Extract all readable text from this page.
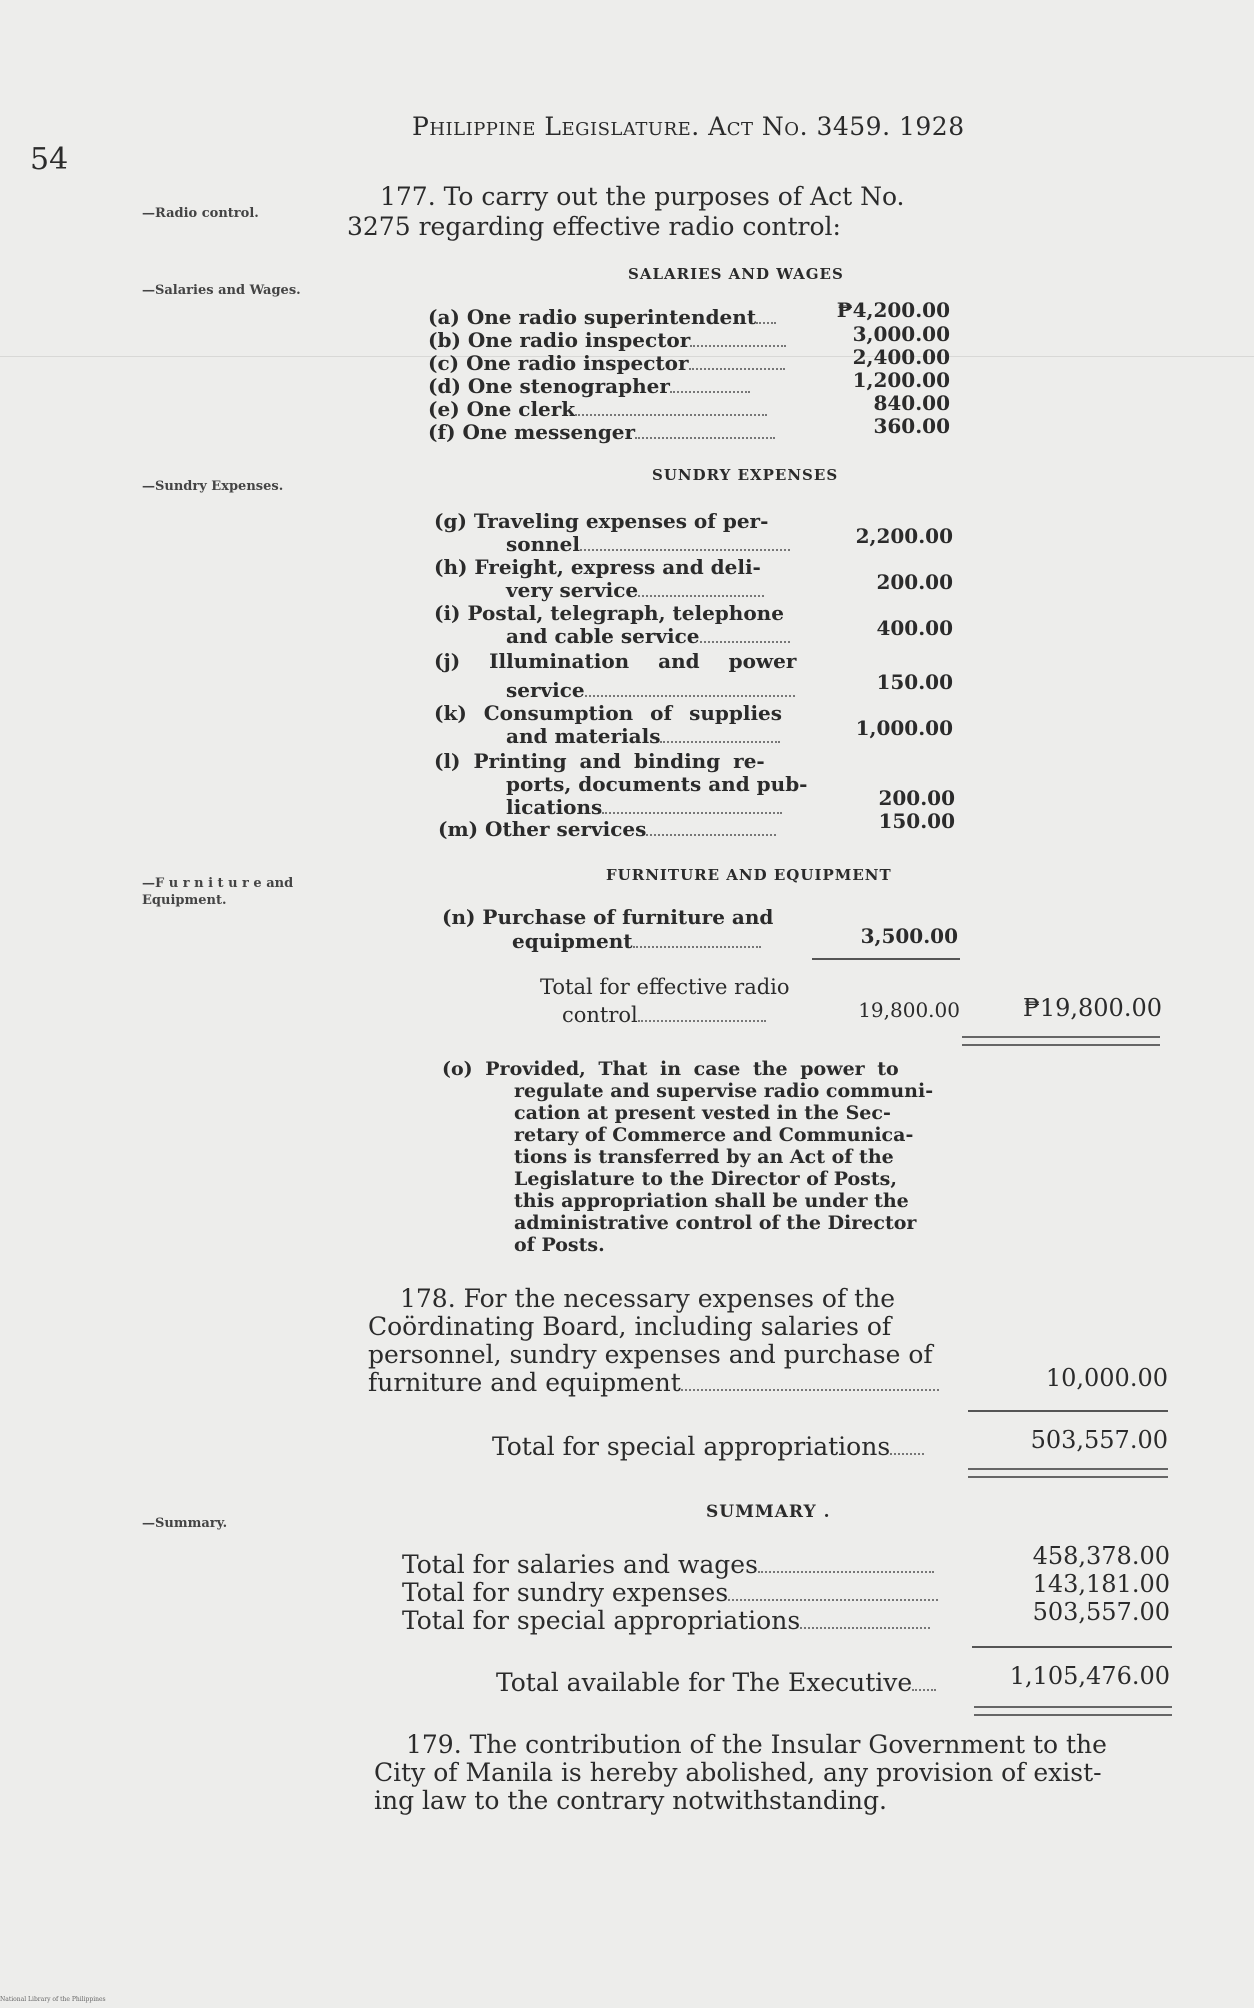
54
Philippine Legislature. Act No. 3459. 1928
—Radio control.
—Salaries and Wages.
—Sundry Expenses.
—F u r n i t u r e and
Equipment.
—Summary.
177. To carry out the purposes of Act No.
3275 regarding effective radio control:
SALARIES AND WAGES
(a) One radio superintendent	₱4,200.00
(b) One radio inspector	3,000.00
(c) One radio inspector	2,400.00
(d) One stenographer	1,200.00
(e) One clerk	840.00
(f) One messenger	360.00
SUNDRY EXPENSES
(g) Traveling expenses of per-
sonnel	2,200.00
(h) Freight, express and deli-
very service	200.00
(i) Postal, telegraph, telephone
and cable service	400.00
(j) Illumination and power
service	150.00
(k) Consumption of supplies
and materials	1,000.00
(l) Printing and binding re-
ports, documents and pub-
lications	200.00
(m) Other services	150.00
FURNITURE AND EQUIPMENT
(n) Purchase of furniture and
equipment	3,500.00
Total for effective radio
control	19,800.00	₱19,800.00
(o) Provided, That in case the power to
regulate and supervise radio communi-
cation at present vested in the Sec-
retary of Commerce and Communica-
tions is transferred by an Act of the
Legislature to the Director of Posts,
this appropriation shall be under the
administrative control of the Director
of Posts.
178. For the necessary expenses of the
Coördinating Board, including salaries of
personnel, sundry expenses and purchase of
furniture and equipment	10,000.00
Total for special appropriations	503,557.00
SUMMARY .
Total for salaries and wages	458,378.00
Total for sundry expenses	143,181.00
Total for special appropriations	503,557.00
Total available for The Executive	1,105,476.00
179. The contribution of the Insular Government to the
City of Manila is hereby abolished, any provision of exist-
ing law to the contrary notwithstanding.
National Library of the Philippines
